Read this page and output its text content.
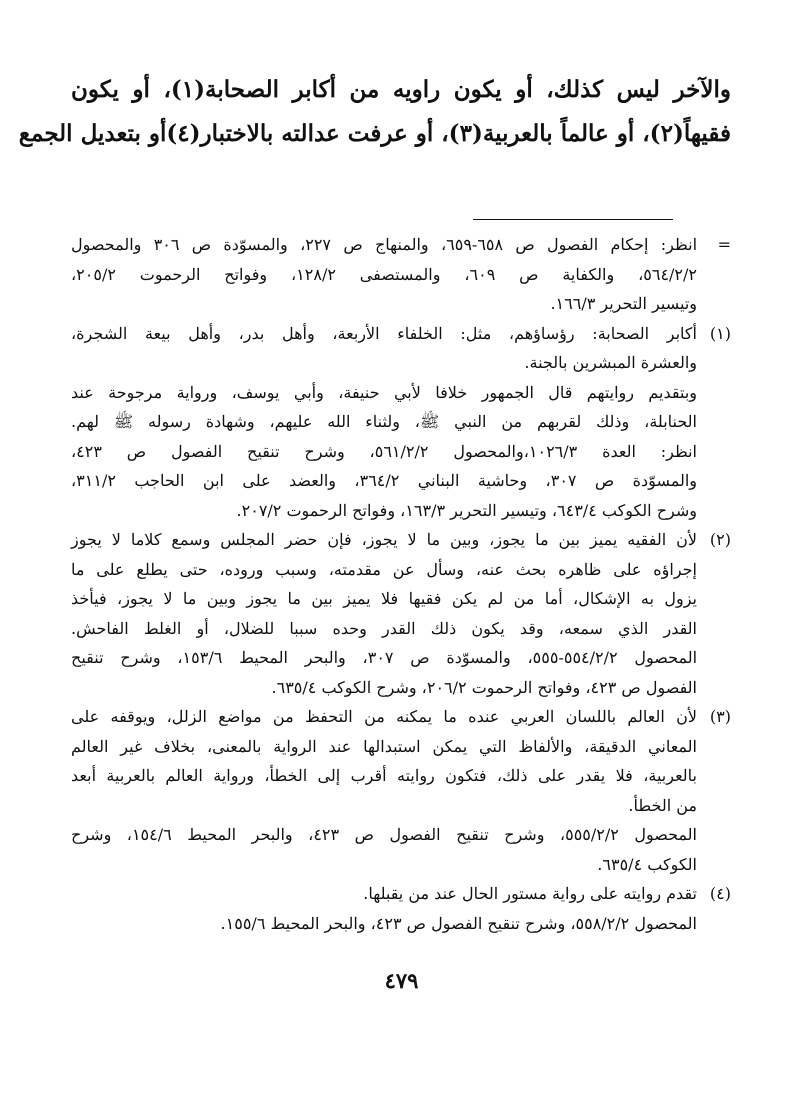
والآخر ليس كذلك، أو يكون راويه من أكابر الصحابة(١)، أو يكون

فقيهاً(٢)، أو عالماً بالعربية(٣)، أو عرفت عدالته بالاختبار(٤)أو بتعديل الجمع

=
انظر: إحكام الفصول ص ٦٥٨-٦٥٩، والمنهاج ص ٢٢٧، والمسوّدة ص ٣٠٦ والمحصول
٥٦٤/٢/٢، والكفاية ص ٦٠٩، والمستصفى ١٢٨/٢، وفواتح الرحموت ٢٠٥/٢،
وتيسير التحرير ١٦٦/٣.
(١)
أكابر الصحابة: رؤساؤهم، مثل: الخلفاء الأربعة، وأهل بدر، وأهل بيعة الشجرة،
والعشرة المبشرين بالجنة.
وبتقديم روايتهم قال الجمهور خلافا لأبي حنيفة، وأبي يوسف، ورواية مرجوحة عند
الحنابلة، وذلك لقربهم من النبي ﷺ، ولثناء الله عليهم، وشهادة رسوله ﷺ لهم.
انظر: العدة ١٠٢٦/٣،والمحصول ٥٦١/٢/٢، وشرح تنقيح الفصول ص ٤٢٣،
والمسوّدة ص ٣٠٧، وحاشية البناني ٣٦٤/٢، والعضد على ابن الحاجب ٣١١/٢،
وشرح الكوكب ٦٤٣/٤، وتيسير التحرير ١٦٣/٣، وفواتح الرحموت ٢٠٧/٢.
(٢)
لأن الفقيه يميز بين ما يجوز، وبين ما لا يجوز، فإن حضر المجلس وسمع كلاما لا يجوز
إجراؤه على ظاهره بحث عنه، وسأل عن مقدمته، وسبب وروده، حتى يطلع على ما
يزول به الإشكال، أما من لم يكن فقيها فلا يميز بين ما يجوز وبين ما لا يجوز، فيأخذ
القدر الذي سمعه، وقد يكون ذلك القدر وحده سببا للضلال، أو الغلط الفاحش.
المحصول ٥٥٤/٢/٢-٥٥٥، والمسوّدة ص ٣٠٧، والبحر المحيط ١٥٣/٦، وشرح تنقيح
الفصول ص ٤٢٣، وفواتح الرحموت ٢٠٦/٢، وشرح الكوكب ٦٣٥/٤.
(٣)
لأن العالم باللسان العربي عنده ما يمكنه من التحفظ من مواضع الزلل، ويوقفه على
المعاني الدقيقة، والألفاظ التي يمكن استبدالها عند الرواية بالمعنى، بخلاف غير العالم
بالعربية، فلا يقدر على ذلك، فتكون روايته أقرب إلى الخطأ، ورواية العالم بالعربية أبعد
من الخطأ.
المحصول ٥٥٥/٢/٢، وشرح تنقيح الفصول ص ٤٢٣، والبحر المحيط ١٥٤/٦، وشرح
الكوكب ٦٣٥/٤.
(٤)
تقدم روايته على رواية مستور الحال عند من يقبلها.
المحصول ٥٥٨/٢/٢، وشرح تنقيح الفصول ص ٤٢٣، والبحر المحيط ١٥٥/٦.
٤٧٩
